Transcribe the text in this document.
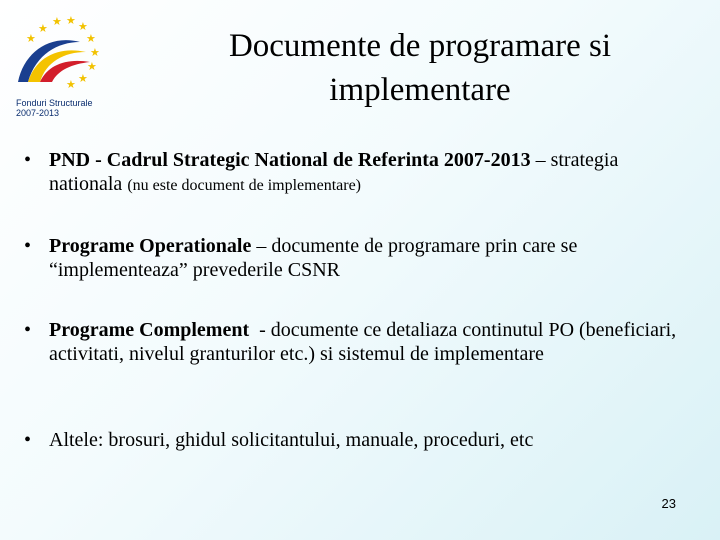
★
★ ★ ★
★
★
★
★
★
★
Fonduri Structurale
2007-2013
Documente de programare si implementare
• PND - Cadrul Strategic National de Referinta 2007-2013 – strategia nationala (nu este document de implementare)
• Programe Operationale – documente de programare prin care se “implementeaza” prevederile CSNR
• Programe Complement  - documente ce detaliaza continutul PO (beneficiari, activitati, nivelul granturilor etc.) si sistemul de implementare
• Altele: brosuri, ghidul solicitantului, manuale, proceduri, etc
23
